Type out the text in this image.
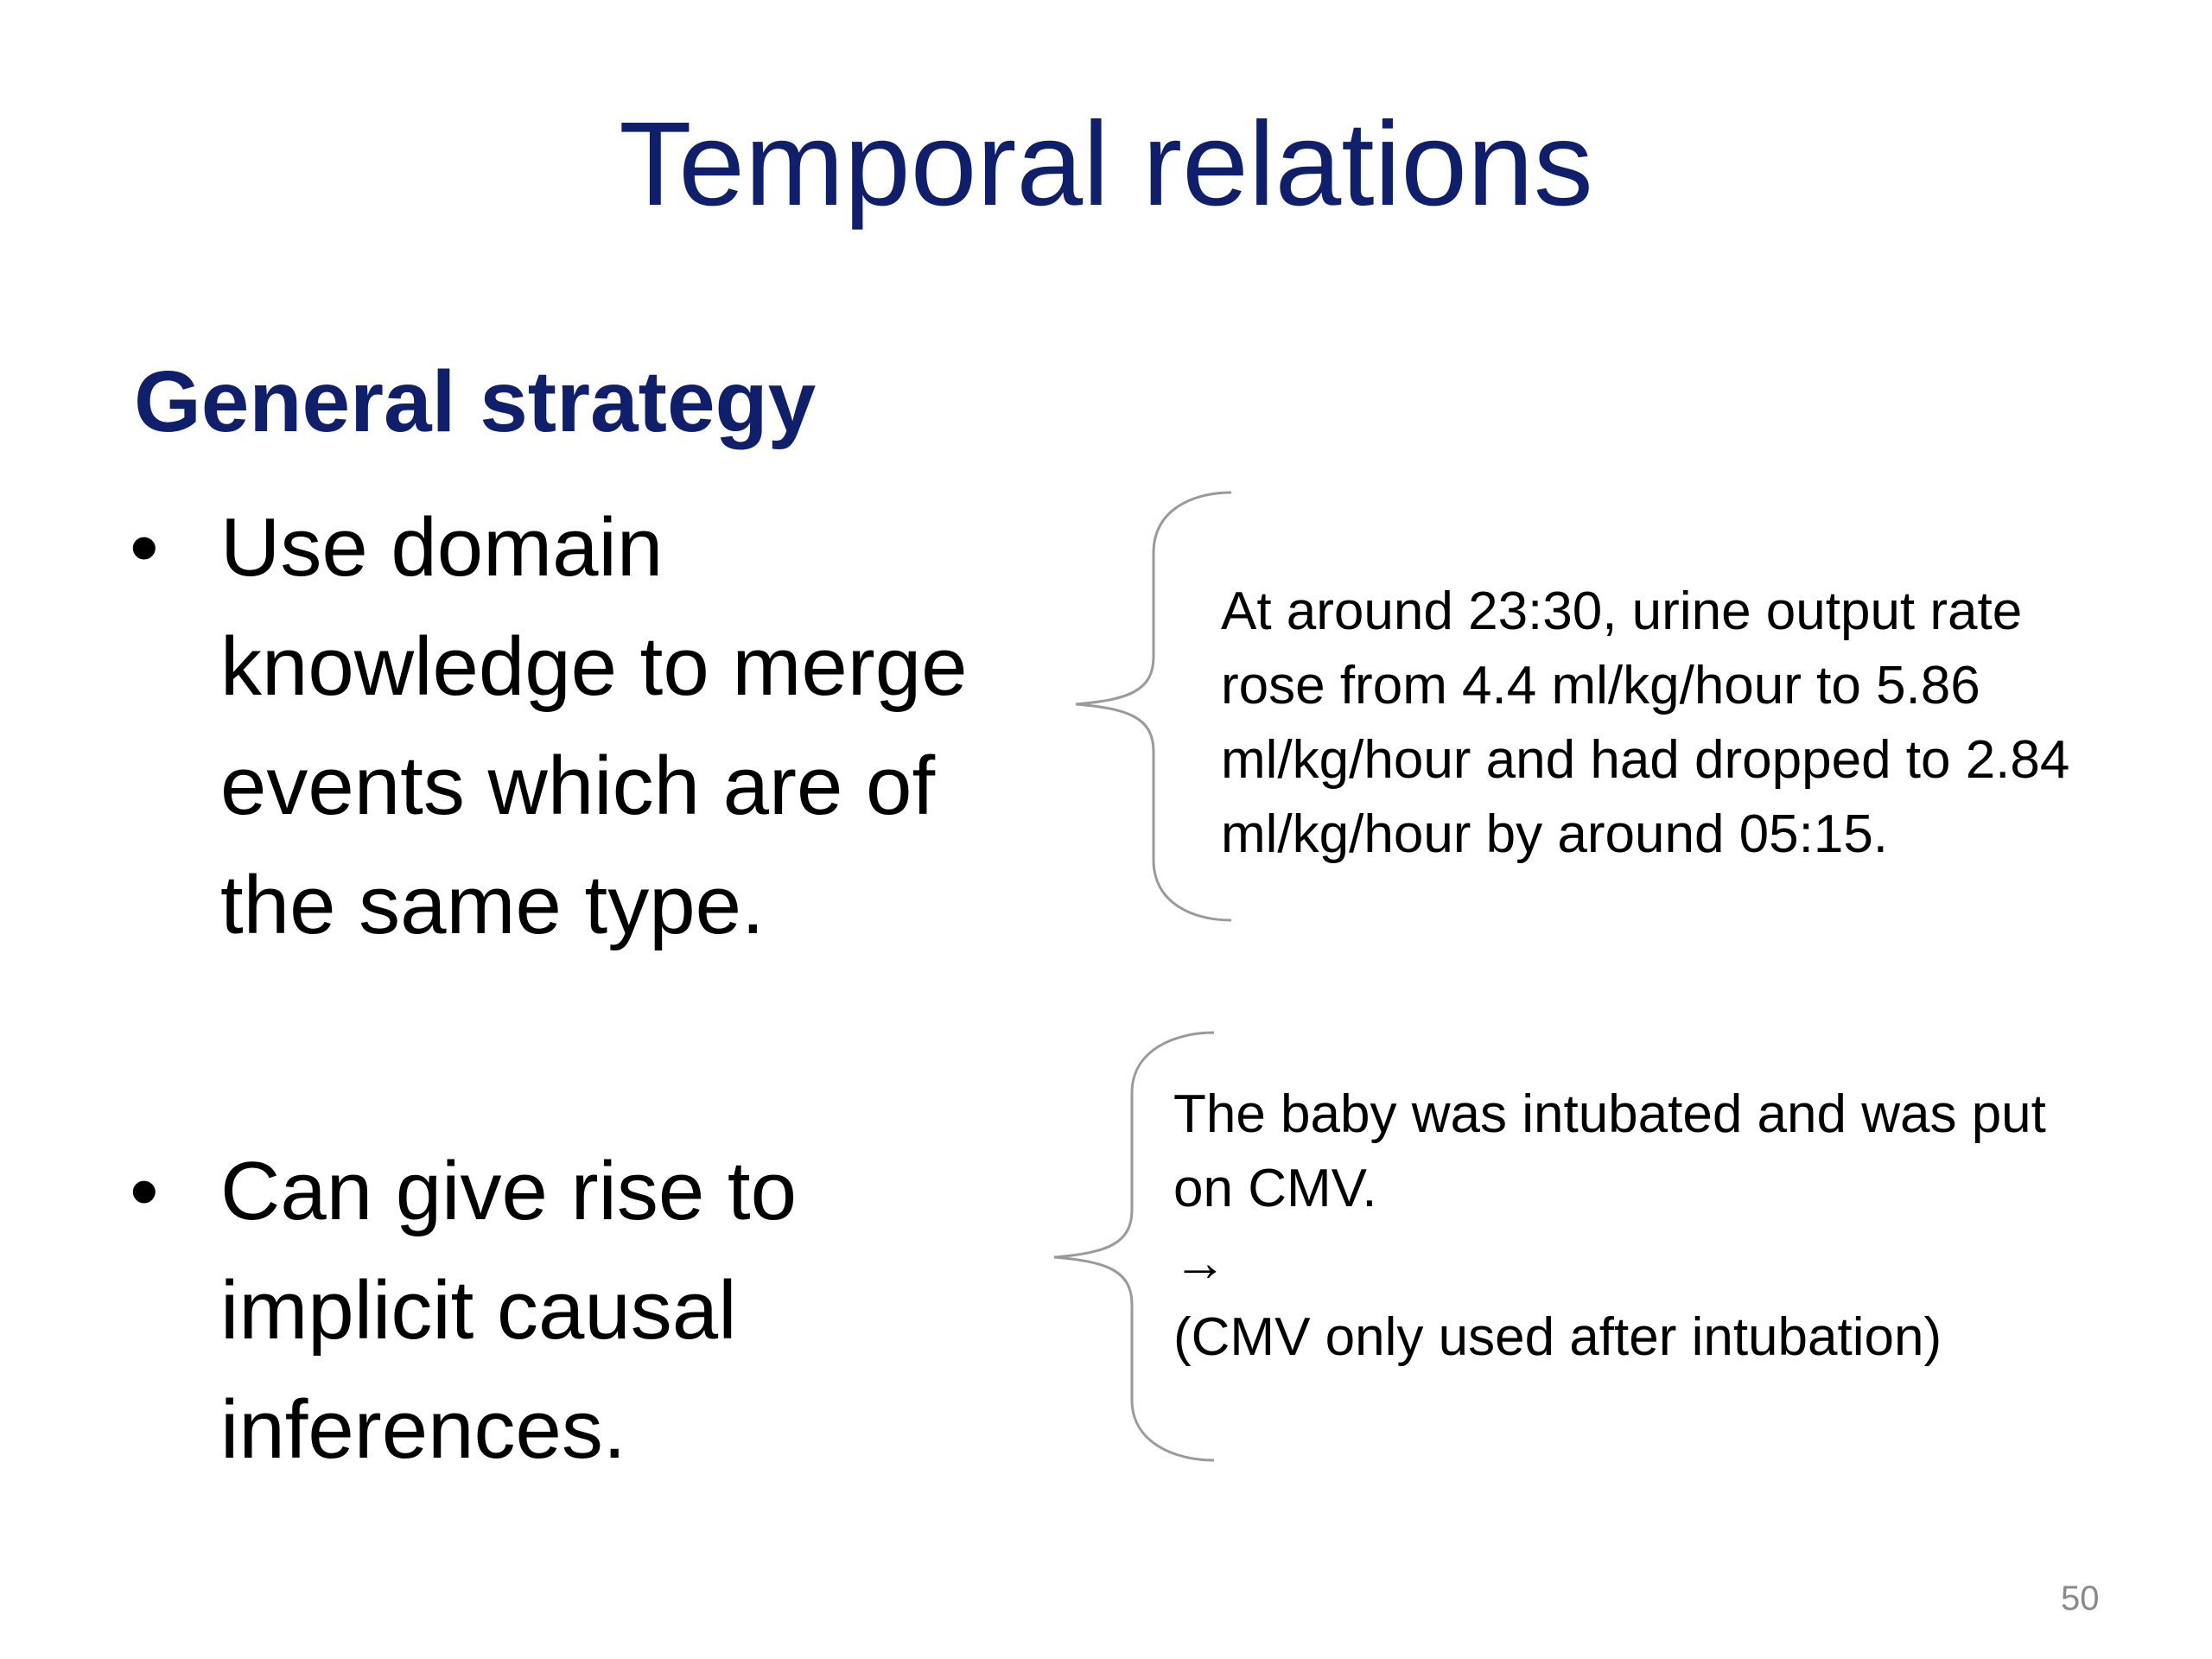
Temporal relations
General strategy
• Use domain
knowledge to merge
events which are of
the same type.
• Can give rise to
implicit causal
inferences.
At around 23:30, urine output rate
rose from 4.4 ml/kg/hour to 5.86
ml/kg/hour and had dropped to 2.84
ml/kg/hour by around 05:15.
The baby was intubated and was put
on CMV.
→
(CMV only used after intubation)
50
